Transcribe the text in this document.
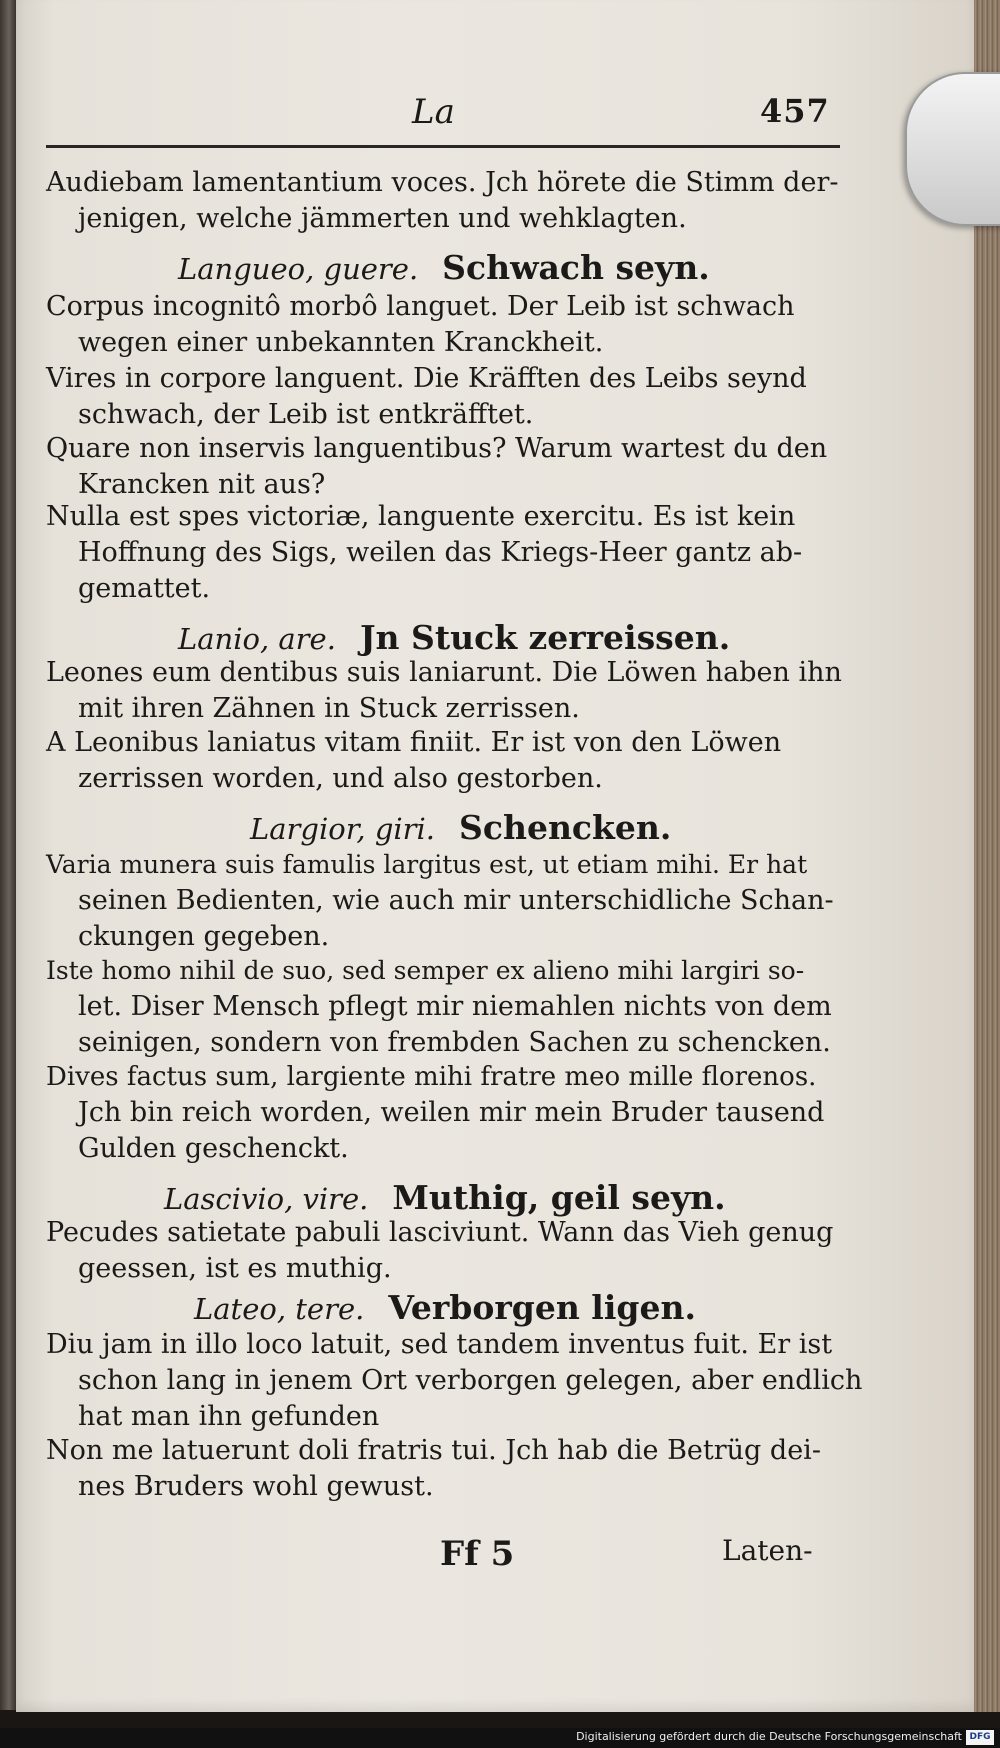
La	457
Audiebam lamentantium voces. Jch hörete die Stimm der-
jenigen, welche jämmerten und wehklagten.
Langueo, guere. Schwach seyn.
Corpus incognitô morbô languet. Der Leib ist schwach
wegen einer unbekannten Kranckheit.
Vires in corpore languent. Die Kräfften des Leibs seynd
schwach, der Leib ist entkräfftet.
Quare non inservis languentibus? Warum wartest du den
Krancken nit aus?
Nulla est spes victoriæ, languente exercitu. Es ist kein
Hoffnung des Sigs, weilen das Kriegs-Heer gantz ab-
gemattet.
Lanio, are. Jn Stuck zerreissen.
Leones eum dentibus suis laniarunt. Die Löwen haben ihn
mit ihren Zähnen in Stuck zerrissen.
A Leonibus laniatus vitam finiit. Er ist von den Löwen
zerrissen worden, und also gestorben.
Largior, giri. Schencken.
Varia munera suis famulis largitus est, ut etiam mihi. Er hat
seinen Bedienten, wie auch mir unterschidliche Schan-
ckungen gegeben.
Iste homo nihil de suo, sed semper ex alieno mihi largiri so-
let. Diser Mensch pflegt mir niemahlen nichts von dem
seinigen, sondern von frembden Sachen zu schencken.
Dives factus sum, largiente mihi fratre meo mille florenos.
Jch bin reich worden, weilen mir mein Bruder tausend
Gulden geschenckt.
Lascivio, vire. Muthig, geil seyn.
Pecudes satietate pabuli lasciviunt. Wann das Vieh genug
geessen, ist es muthig.
Lateo, tere. Verborgen ligen.
Diu jam in illo loco latuit, sed tandem inventus fuit. Er ist
schon lang in jenem Ort verborgen gelegen, aber endlich
hat man ihn gefunden
Non me latuerunt doli fratris tui. Jch hab die Betrüg dei-
nes Bruders wohl gewust.
Ff 5	Laten-
Digitalisierung gefördert durch die Deutsche Forschungsgemeinschaft DFG
